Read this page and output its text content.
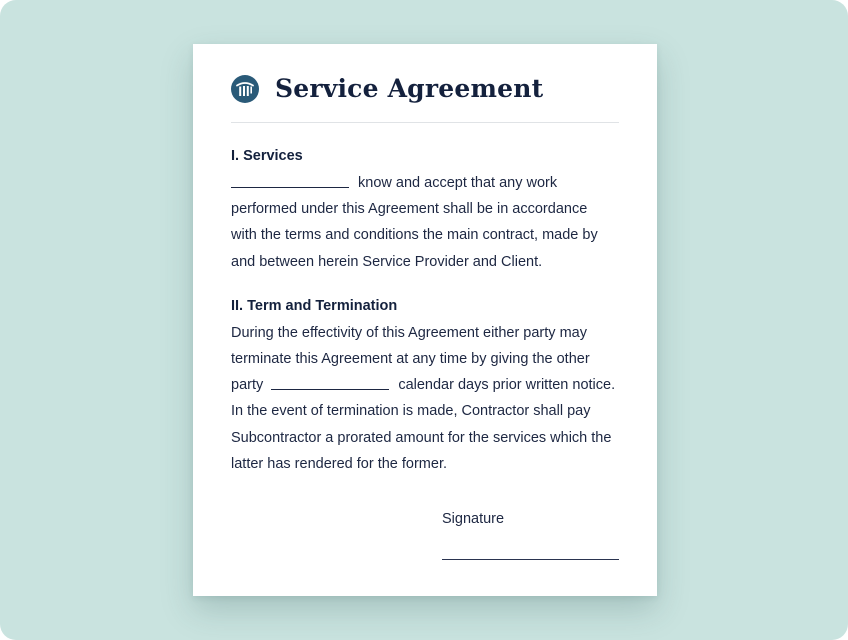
Service Agreement
I. Services
know and accept that any work
performed under this Agreement shall be in accordance
with the terms and conditions the main contract, made by
and between herein Service Provider and Client.
II. Term and Termination
During the effectivity of this Agreement either party may
terminate this Agreement at any time by giving the other
party	calendar days prior written notice.
In the event of termination is made, Contractor shall pay
Subcontractor a prorated amount for the services which the
latter has rendered for the former.
Signature
